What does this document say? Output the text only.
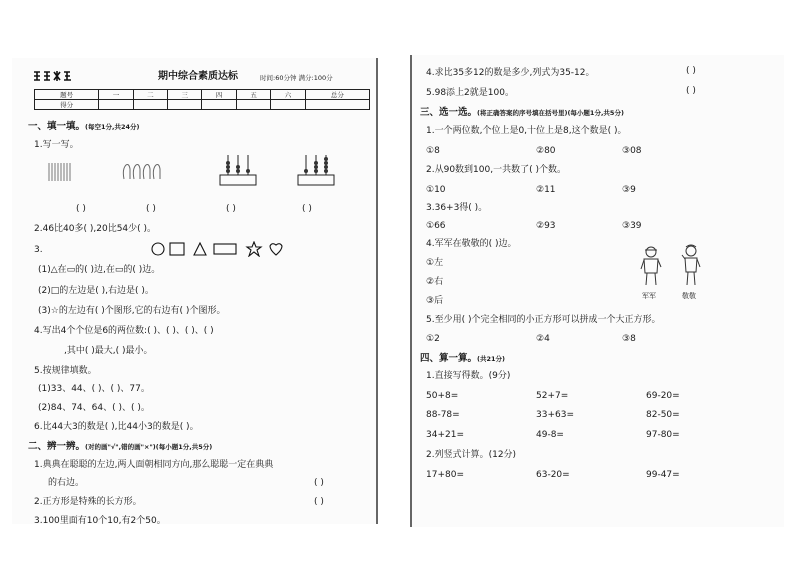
期中综合素质达标	时间:60分钟 满分:100分
题号	一	二	三	四	五	六	总分
得分							
一、填一填。(每空1分,共24分)
1.写一写。
( )	( )	( )	( )
2.46比40多( ),20比54少( )。
3.
(1)△在▭的( )边,在▭的( )边。
(2)□的左边是( ),右边是( )。
(3)☆的左边有( )个图形,它的右边有( )个图形。
4.写出4个个位是6的两位数:( )、( )、( )、( )
,其中( )最大,( )最小。
5.按规律填数。
(1)33、44、( )、( )、77。
(2)84、74、64、( )、( )。
6.比44大3的数是( ),比44小3的数是( )。
二、辨一辨。(对的画"√",错的画"×")(每小题1分,共5分)
1.典典在聪聪的左边,两人面朝相同方向,那么聪聪一定在典典
的右边。	( )
2.正方形是特殊的长方形。	( )
3.100里面有10个10,有2个50。
4.求比35多12的数是多少,列式为35-12。	( )
5.98添上2就是100。	( )
三、选一选。(将正确答案的序号填在括号里)(每小题1分,共5分)
1.一个两位数,个位上是0,十位上是8,这个数是( )。
①8	②80	③08
2.从90数到100,一共数了( )个数。
①10	②11	③9
3.36+3得( )。
①66	②93	③39
4.军军在敬敬的( )边。
①左
②右
③后	军军	敬敬
5.至少用( )个完全相同的小正方形可以拼成一个大正方形。
①2	②4	③8
四、算一算。(共21分)
1.直接写得数。(9分)
50+8=	52+7=	69-20=
88-78=	33+63=	82-50=
34+21=	49-8=	97-80=
2.列竖式计算。(12分)
17+80=	63-20=	99-47=
